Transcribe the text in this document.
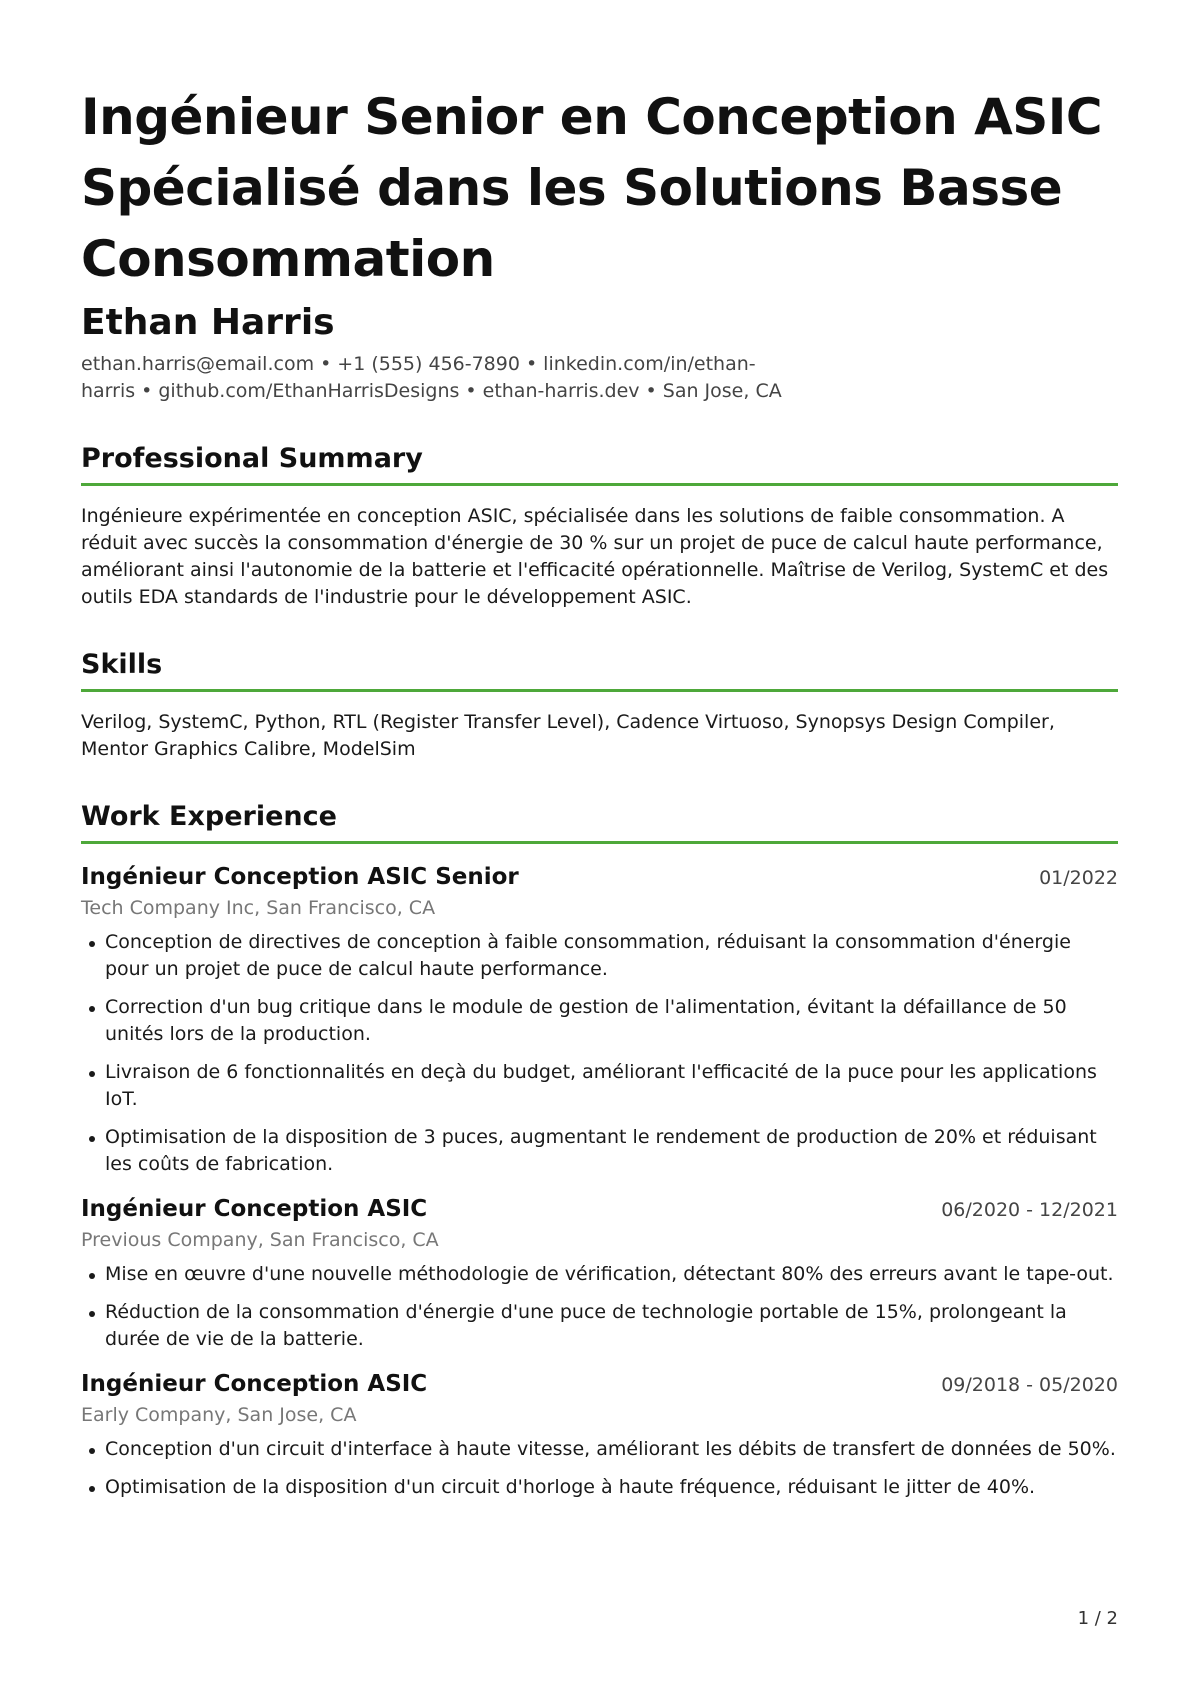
Ingénieur Senior en Conception ASIC Spécialisé dans les Solutions Basse Consommation
Ethan Harris
ethan.harris@email.com • +1 (555) 456-7890 • linkedin.com/in/ethan-harris • github.com/EthanHarrisDesigns • ethan-harris.dev • San Jose, CA
Professional Summary
Ingénieure expérimentée en conception ASIC, spécialisée dans les solutions de faible consommation. A réduit avec succès la consommation d'énergie de 30 % sur un projet de puce de calcul haute performance, améliorant ainsi l'autonomie de la batterie et l'efficacité opérationnelle. Maîtrise de Verilog, SystemC et des outils EDA standards de l'industrie pour le développement ASIC.
Skills
Verilog, SystemC, Python, RTL (Register Transfer Level), Cadence Virtuoso, Synopsys Design Compiler, Mentor Graphics Calibre, ModelSim
Work Experience
Ingénieur Conception ASIC Senior	01/2022
Tech Company Inc, San Francisco, CA
Conception de directives de conception à faible consommation, réduisant la consommation d'énergie pour un projet de puce de calcul haute performance.
Correction d'un bug critique dans le module de gestion de l'alimentation, évitant la défaillance de 50 unités lors de la production.
Livraison de 6 fonctionnalités en deçà du budget, améliorant l'efficacité de la puce pour les applications IoT.
Optimisation de la disposition de 3 puces, augmentant le rendement de production de 20% et réduisant les coûts de fabrication.
Ingénieur Conception ASIC	06/2020 - 12/2021
Previous Company, San Francisco, CA
Mise en œuvre d'une nouvelle méthodologie de vérification, détectant 80% des erreurs avant le tape-out.
Réduction de la consommation d'énergie d'une puce de technologie portable de 15%, prolongeant la durée de vie de la batterie.
Ingénieur Conception ASIC	09/2018 - 05/2020
Early Company, San Jose, CA
Conception d'un circuit d'interface à haute vitesse, améliorant les débits de transfert de données de 50%.
Optimisation de la disposition d'un circuit d'horloge à haute fréquence, réduisant le jitter de 40%.
1 / 2
